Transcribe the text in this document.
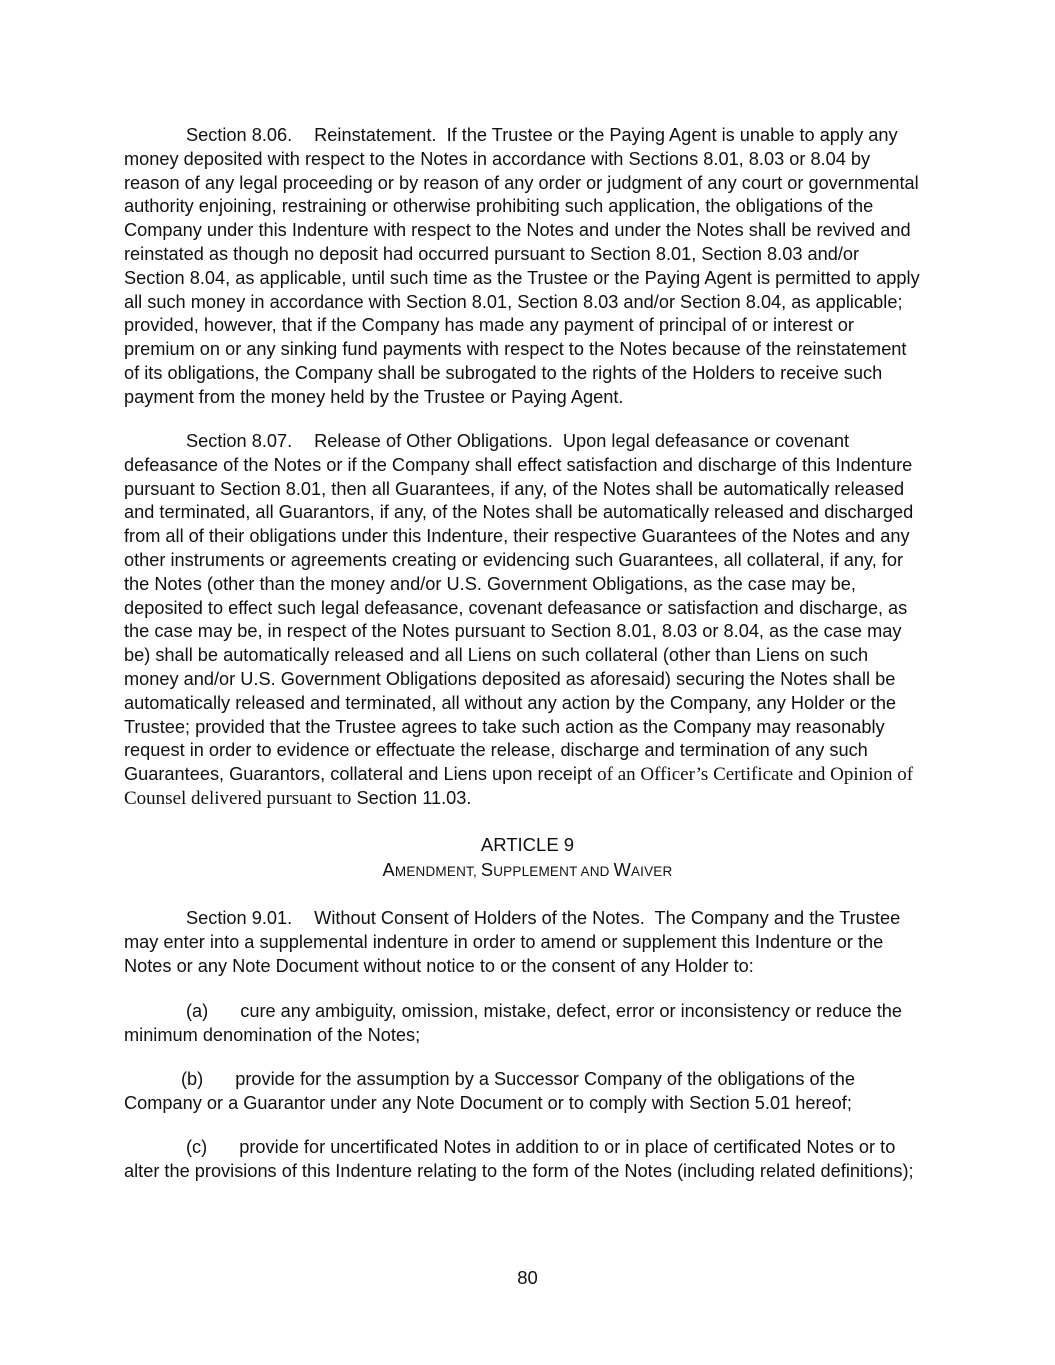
Section 8.06. Reinstatement. If the Trustee or the Paying Agent is unable to apply any money deposited with respect to the Notes in accordance with Sections 8.01, 8.03 or 8.04 by reason of any legal proceeding or by reason of any order or judgment of any court or governmental authority enjoining, restraining or otherwise prohibiting such application, the obligations of the Company under this Indenture with respect to the Notes and under the Notes shall be revived and reinstated as though no deposit had occurred pursuant to Section 8.01, Section 8.03 and/or Section 8.04, as applicable, until such time as the Trustee or the Paying Agent is permitted to apply all such money in accordance with Section 8.01, Section 8.03 and/or Section 8.04, as applicable; provided, however, that if the Company has made any payment of principal of or interest or premium on or any sinking fund payments with respect to the Notes because of the reinstatement of its obligations, the Company shall be subrogated to the rights of the Holders to receive such payment from the money held by the Trustee or Paying Agent.

Section 8.07. Release of Other Obligations. Upon legal defeasance or covenant defeasance of the Notes or if the Company shall effect satisfaction and discharge of this Indenture pursuant to Section 8.01, then all Guarantees, if any, of the Notes shall be automatically released and terminated, all Guarantors, if any, of the Notes shall be automatically released and discharged from all of their obligations under this Indenture, their respective Guarantees of the Notes and any other instruments or agreements creating or evidencing such Guarantees, all collateral, if any, for the Notes (other than the money and/or U.S. Government Obligations, as the case may be, deposited to effect such legal defeasance, covenant defeasance or satisfaction and discharge, as the case may be, in respect of the Notes pursuant to Section 8.01, 8.03 or 8.04, as the case may be) shall be automatically released and all Liens on such collateral (other than Liens on such money and/or U.S. Government Obligations deposited as aforesaid) securing the Notes shall be automatically released and terminated, all without any action by the Company, any Holder or the Trustee; provided that the Trustee agrees to take such action as the Company may reasonably request in order to evidence or effectuate the release, discharge and termination of any such Guarantees, Guarantors, collateral and Liens upon receipt of an Officer’s Certificate and Opinion of Counsel delivered pursuant to Section 11.03.

ARTICLE 9
AMENDMENT, SUPPLEMENT AND WAIVER

Section 9.01. Without Consent of Holders of the Notes. The Company and the Trustee may enter into a supplemental indenture in order to amend or supplement this Indenture or the Notes or any Note Document without notice to or the consent of any Holder to:

(a) cure any ambiguity, omission, mistake, defect, error or inconsistency or reduce the minimum denomination of the Notes;

(b) provide for the assumption by a Successor Company of the obligations of the Company or a Guarantor under any Note Document or to comply with Section 5.01 hereof;

(c) provide for uncertificated Notes in addition to or in place of certificated Notes or to alter the provisions of this Indenture relating to the form of the Notes (including related definitions);

80
